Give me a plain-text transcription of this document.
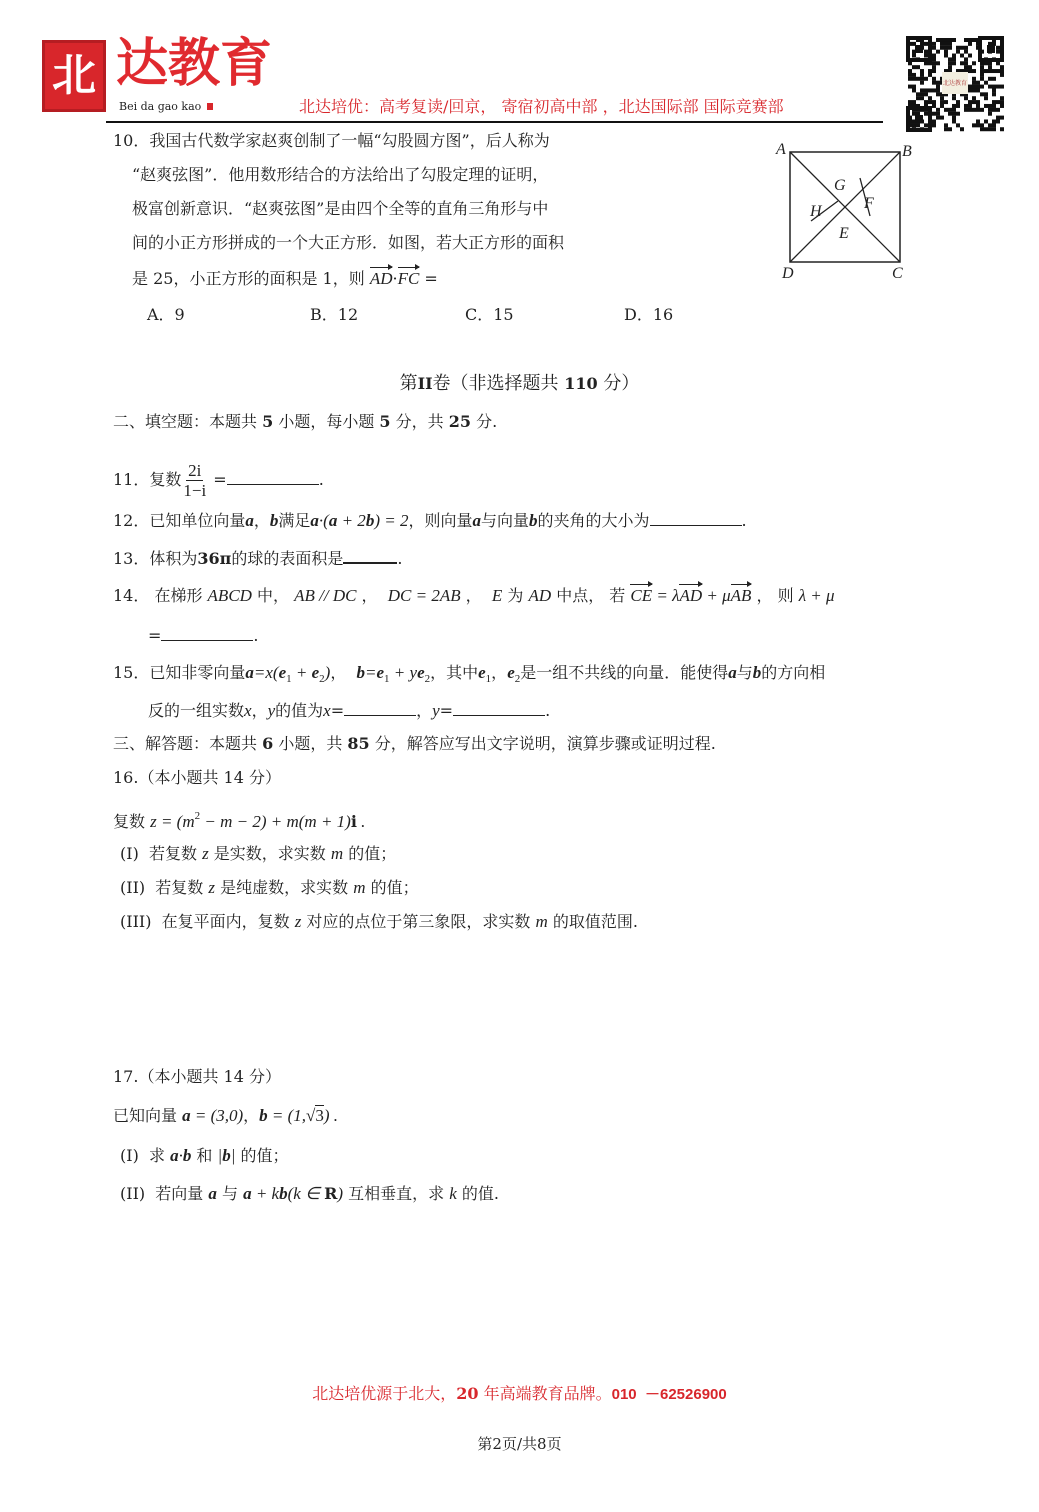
北 达教育
Bei da gao kao	北达培优：高考复读/回京， 寄宿初高中部 ，北达国际部 国际竞赛部
北达教育
A	B
C
D
G
H	F
E
10．我国古代数学家赵爽创制了一幅“勾股圆方图”，后人称为
“赵爽弦图”．他用数形结合的方法给出了勾股定理的证明，
极富创新意识．“赵爽弦图”是由四个全等的直角三角形与中
间的小正方形拼成的一个大正方形．如图，若大正方形的面积
是 25，小正方形的面积是 1，则 AD·FC =
A．9	B．12	C．15	D．16
第II卷（非选择题共 110 分）
二、填空题：本题共 5 小题，每小题 5 分，共 25 分.
11．复数 $\frac{2i}{1-i}$ =	.
12．已知单位向量a，b满足a·(a + 2b) = 2，则向量a与向量b的夹角的大小为	.
13．体积为36π的球的表面积是	.
14． 在梯形 ABCD 中， AB // DC ，  DC = 2AB ，  E 为 AD 中点， 若 CE = λAD + μAB ， 则 λ + μ
=	.
15．已知非零向量$a=x(e_1 + e_2)$，  $b=e_1 + ye_2$，其中$e_1$，$e_2$是一组不共线的向量．能使得a与b的方向相
反的一组实数x，y的值为x=	，y=	.
三、解答题：本题共 6 小题，共 85 分，解答应写出文字说明，演算步骤或证明过程.
16.（本小题共 14 分）
复数 $z = (m^2 - m - 2) + m(m + 1)i$ .
(I)  若复数 z 是实数，求实数 m 的值；
(II)  若复数 z 是纯虚数，求实数 m 的值；
(III)  在复平面内，复数 z 对应的点位于第三象限，求实数 m 的取值范围.
17.（本小题共 14 分）
已知向量 a = (3,0)，b = (1,√3) .
(I)  求 a·b 和 |b| 的值；
(II)  若向量 a 与 a + kb(k ∈ R) 互相垂直，求 k 的值.
北达培优源于北大，20 年高端教育品牌。010  －62526900
第2页/共8页
